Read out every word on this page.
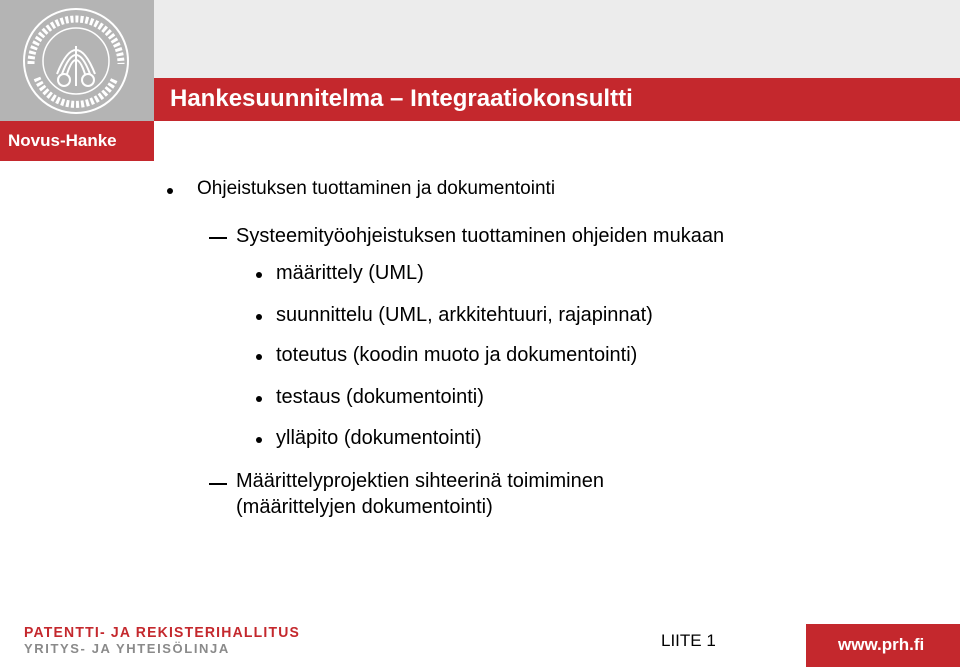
Hankesuunnitelma – Integraatiokonsultti
Novus-Hanke
Ohjeistuksen tuottaminen ja dokumentointi
Systeemityöohjeistuksen tuottaminen ohjeiden mukaan
määrittely (UML)
suunnittelu (UML, arkkitehtuuri, rajapinnat)
toteutus (koodin muoto ja dokumentointi)
testaus (dokumentointi)
ylläpito (dokumentointi)
Määrittelyprojektien sihteerinä toimiminen
(määrittelyjen dokumentointi)
PATENTTI- JA REKISTERIHALLITUS
YRITYS- JA YHTEISÖLINJA	LIITE 1	www.prh.fi
